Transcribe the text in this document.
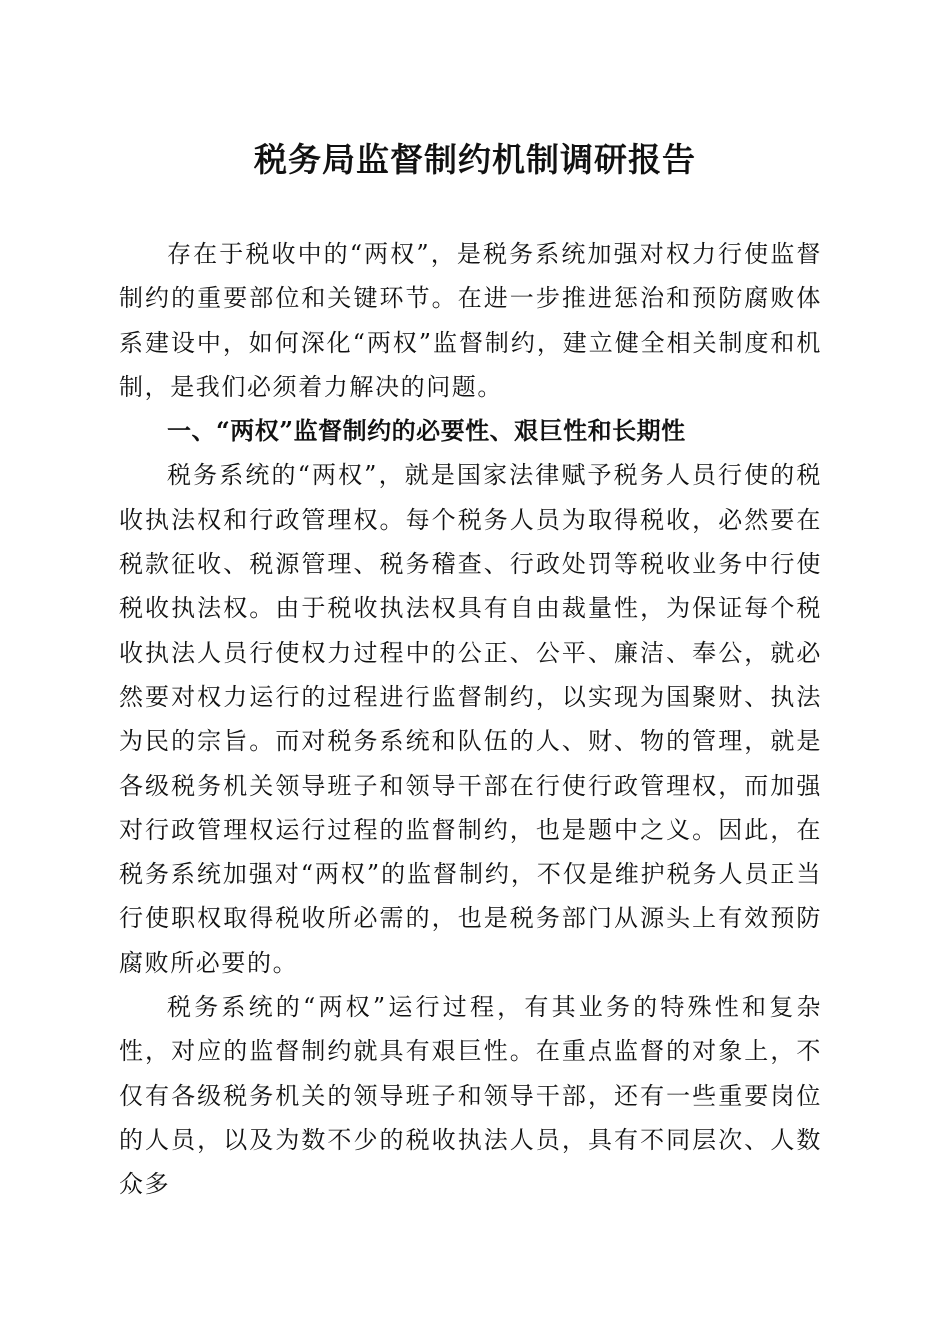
税务局监督制约机制调研报告

存在于税收中的“两权”，是税务系统加强对权力行使监督制约的重要部位和关键环节。在进一步推进惩治和预防腐败体系建设中，如何深化“两权”监督制约，建立健全相关制度和机制，是我们必须着力解决的问题。

一、“两权”监督制约的必要性、艰巨性和长期性

税务系统的“两权”，就是国家法律赋予税务人员行使的税收执法权和行政管理权。每个税务人员为取得税收，必然要在税款征收、税源管理、税务稽查、行政处罚等税收业务中行使税收执法权。由于税收执法权具有自由裁量性，为保证每个税收执法人员行使权力过程中的公正、公平、廉洁、奉公，就必然要对权力运行的过程进行监督制约，以实现为国聚财、执法为民的宗旨。而对税务系统和队伍的人、财、物的管理，就是各级税务机关领导班子和领导干部在行使行政管理权，而加强对行政管理权运行过程的监督制约，也是题中之义。因此，在税务系统加强对“两权”的监督制约，不仅是维护税务人员正当行使职权取得税收所必需的，也是税务部门从源头上有效预防腐败所必要的。

税务系统的“两权”运行过程，有其业务的特殊性和复杂性，对应的监督制约就具有艰巨性。在重点监督的对象上，不仅有各级税务机关的领导班子和领导干部，还有一些重要岗位的人员，以及为数不少的税收执法人员，具有不同层次、人数众多
